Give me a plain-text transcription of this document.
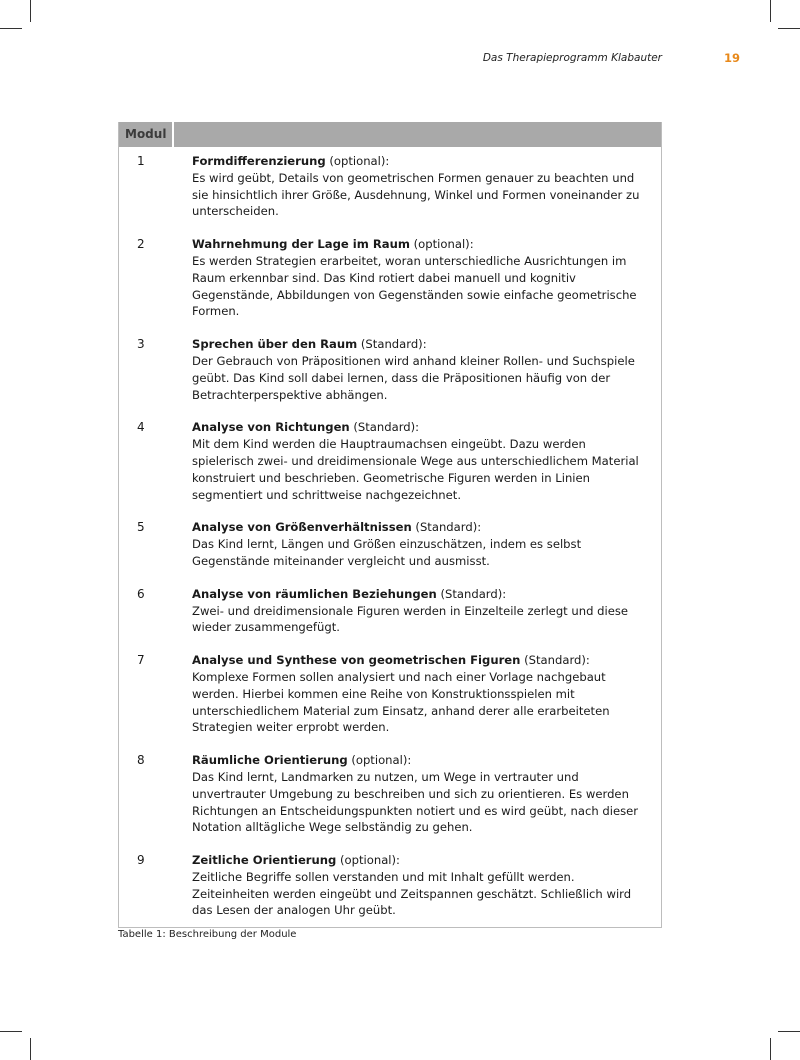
Das Therapieprogramm Klabauter	19
Modul
1	Formdifferenzierung (optional):
Es wird geübt, Details von geometrischen Formen genauer zu beachten und sie hinsichtlich ihrer Größe, Ausdehnung, Winkel und Formen voneinander zu unterscheiden.
2	Wahrnehmung der Lage im Raum (optional):
Es werden Strategien erarbeitet, woran unterschiedliche Ausrichtungen im Raum erkennbar sind. Das Kind rotiert dabei manuell und kognitiv Gegenstände, Abbildungen von Gegenständen sowie einfache geometrische Formen.
3	Sprechen über den Raum (Standard):
Der Gebrauch von Präpositionen wird anhand kleiner Rollen- und Suchspiele geübt. Das Kind soll dabei lernen, dass die Präpositionen häufig von der Betrachterperspektive abhängen.
4	Analyse von Richtungen (Standard):
Mit dem Kind werden die Hauptraumachsen eingeübt. Dazu werden spielerisch zwei- und dreidimensionale Wege aus unterschiedlichem Material konstruiert und beschrieben. Geometrische Figuren werden in Linien segmentiert und schrittweise nachgezeichnet.
5	Analyse von Größenverhältnissen (Standard):
Das Kind lernt, Längen und Größen einzuschätzen, indem es selbst Gegenstände miteinander vergleicht und ausmisst.
6	Analyse von räumlichen Beziehungen (Standard):
Zwei- und dreidimensionale Figuren werden in Einzelteile zerlegt und diese wieder zusammengefügt.
7	Analyse und Synthese von geometrischen Figuren (Standard):
Komplexe Formen sollen analysiert und nach einer Vorlage nachgebaut werden. Hierbei kommen eine Reihe von Konstruktionsspielen mit unterschiedlichem Material zum Einsatz, anhand derer alle erarbeiteten Strategien weiter erprobt werden.
8	Räumliche Orientierung (optional):
Das Kind lernt, Landmarken zu nutzen, um Wege in vertrauter und unvertrauter Umgebung zu beschreiben und sich zu orientieren. Es werden Richtungen an Entscheidungspunkten notiert und es wird geübt, nach dieser Notation alltägliche Wege selbständig zu gehen.
9	Zeitliche Orientierung (optional):
Zeitliche Begriffe sollen verstanden und mit Inhalt gefüllt werden. Zeiteinheiten werden eingeübt und Zeitspannen geschätzt. Schließlich wird das Lesen der analogen Uhr geübt.
Tabelle 1: Beschreibung der Module
